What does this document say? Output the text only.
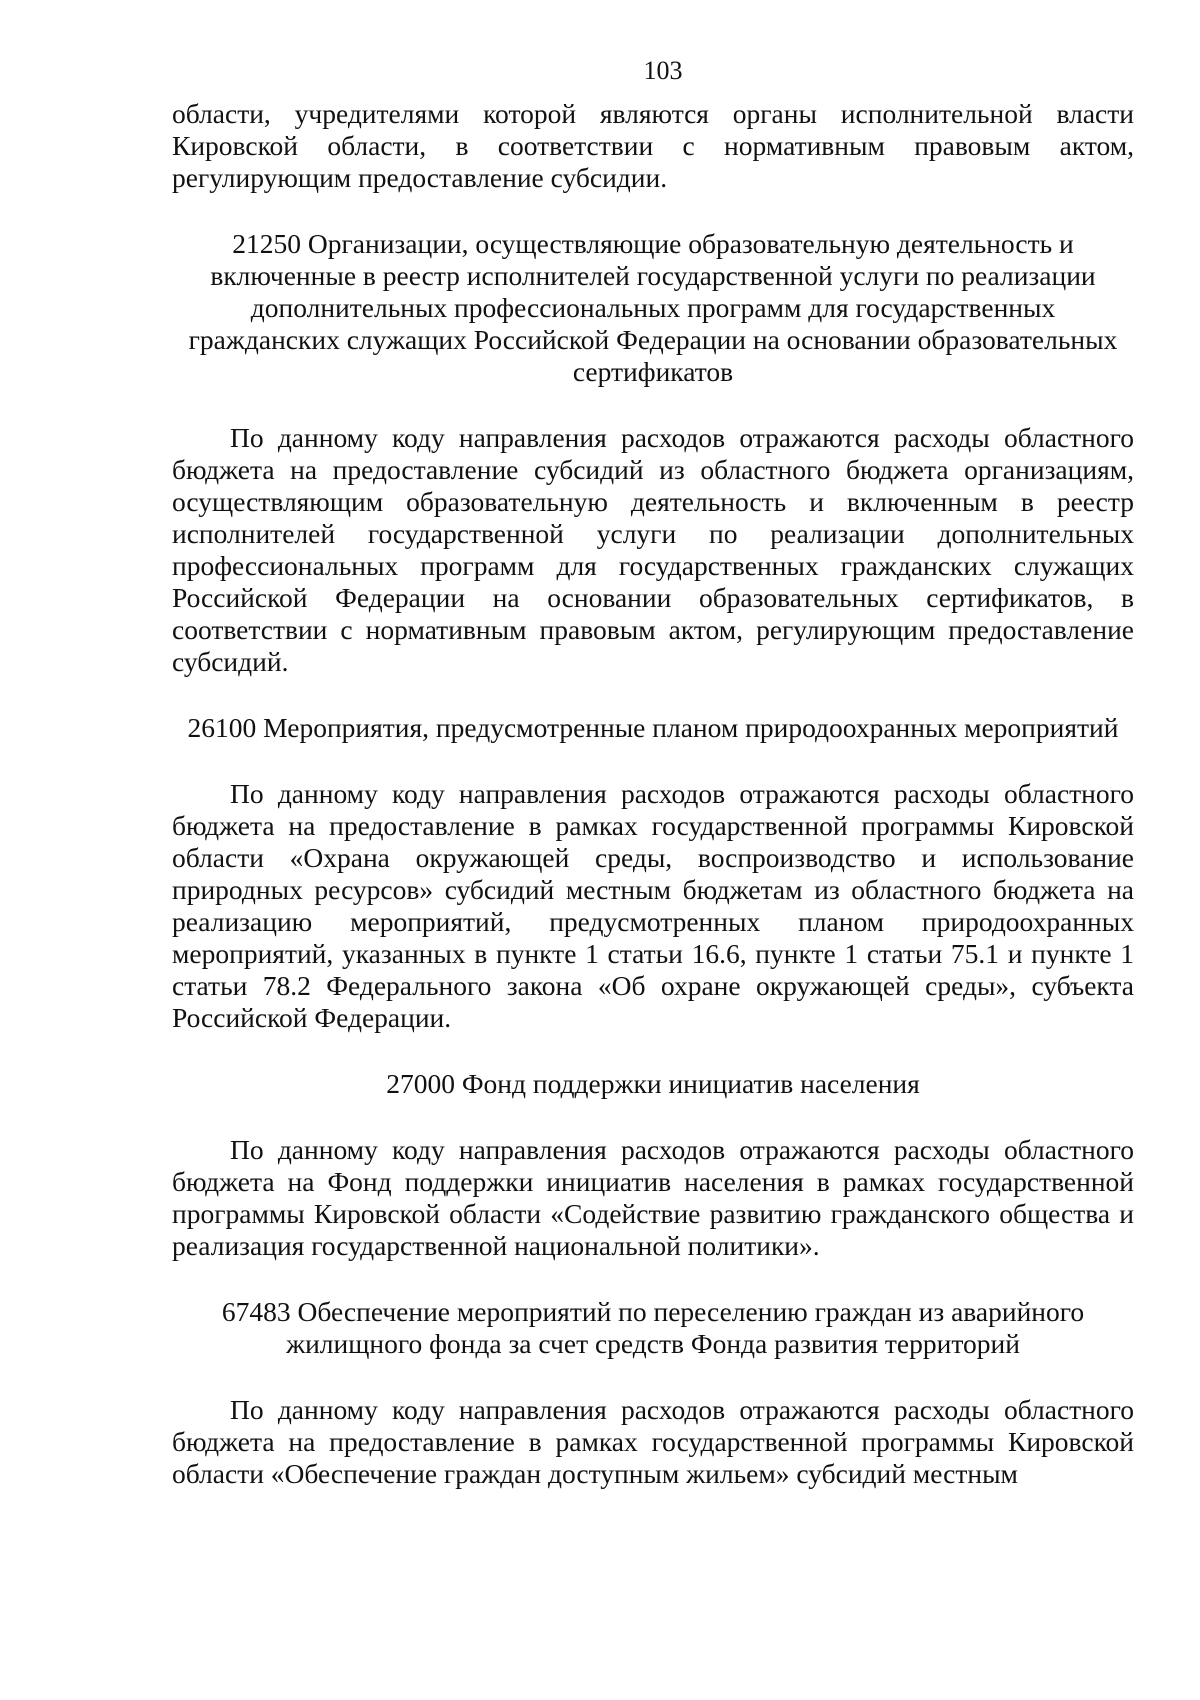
103

области, учредителями которой являются органы исполнительной власти Кировской области, в соответствии с нормативным правовым актом, регулирующим предоставление субсидии.

21250 Организации, осуществляющие образовательную деятельность и включенные в реестр исполнителей государственной услуги по реализации дополнительных профессиональных программ для государственных гражданских служащих Российской Федерации на основании образовательных сертификатов

По данному коду направления расходов отражаются расходы областного бюджета на предоставление субсидий из областного бюджета организациям, осуществляющим образовательную деятельность и включенным в реестр исполнителей государственной услуги по реализации дополнительных профессиональных программ для государственных гражданских служащих Российской Федерации на основании образовательных сертификатов, в соответствии с нормативным правовым актом, регулирующим предоставление субсидий.

26100 Мероприятия, предусмотренные планом природоохранных мероприятий

По данному коду направления расходов отражаются расходы областного бюджета на предоставление в рамках государственной программы Кировской области «Охрана окружающей среды, воспроизводство и использование природных ресурсов» субсидий местным бюджетам из областного бюджета на реализацию мероприятий, предусмотренных планом природоохранных мероприятий, указанных в пункте 1 статьи 16.6, пункте 1 статьи 75.1 и пункте 1 статьи 78.2 Федерального закона «Об охране окружающей среды», субъекта Российской Федерации.

27000 Фонд поддержки инициатив населения

По данному коду направления расходов отражаются расходы областного бюджета на Фонд поддержки инициатив населения в рамках государственной программы Кировской области «Содействие развитию гражданского общества и реализация государственной национальной политики».

67483 Обеспечение мероприятий по переселению граждан из аварийного жилищного фонда за счет средств Фонда развития территорий

По данному коду направления расходов отражаются расходы областного бюджета на предоставление в рамках государственной программы Кировской области «Обеспечение граждан доступным жильем» субсидий местным
